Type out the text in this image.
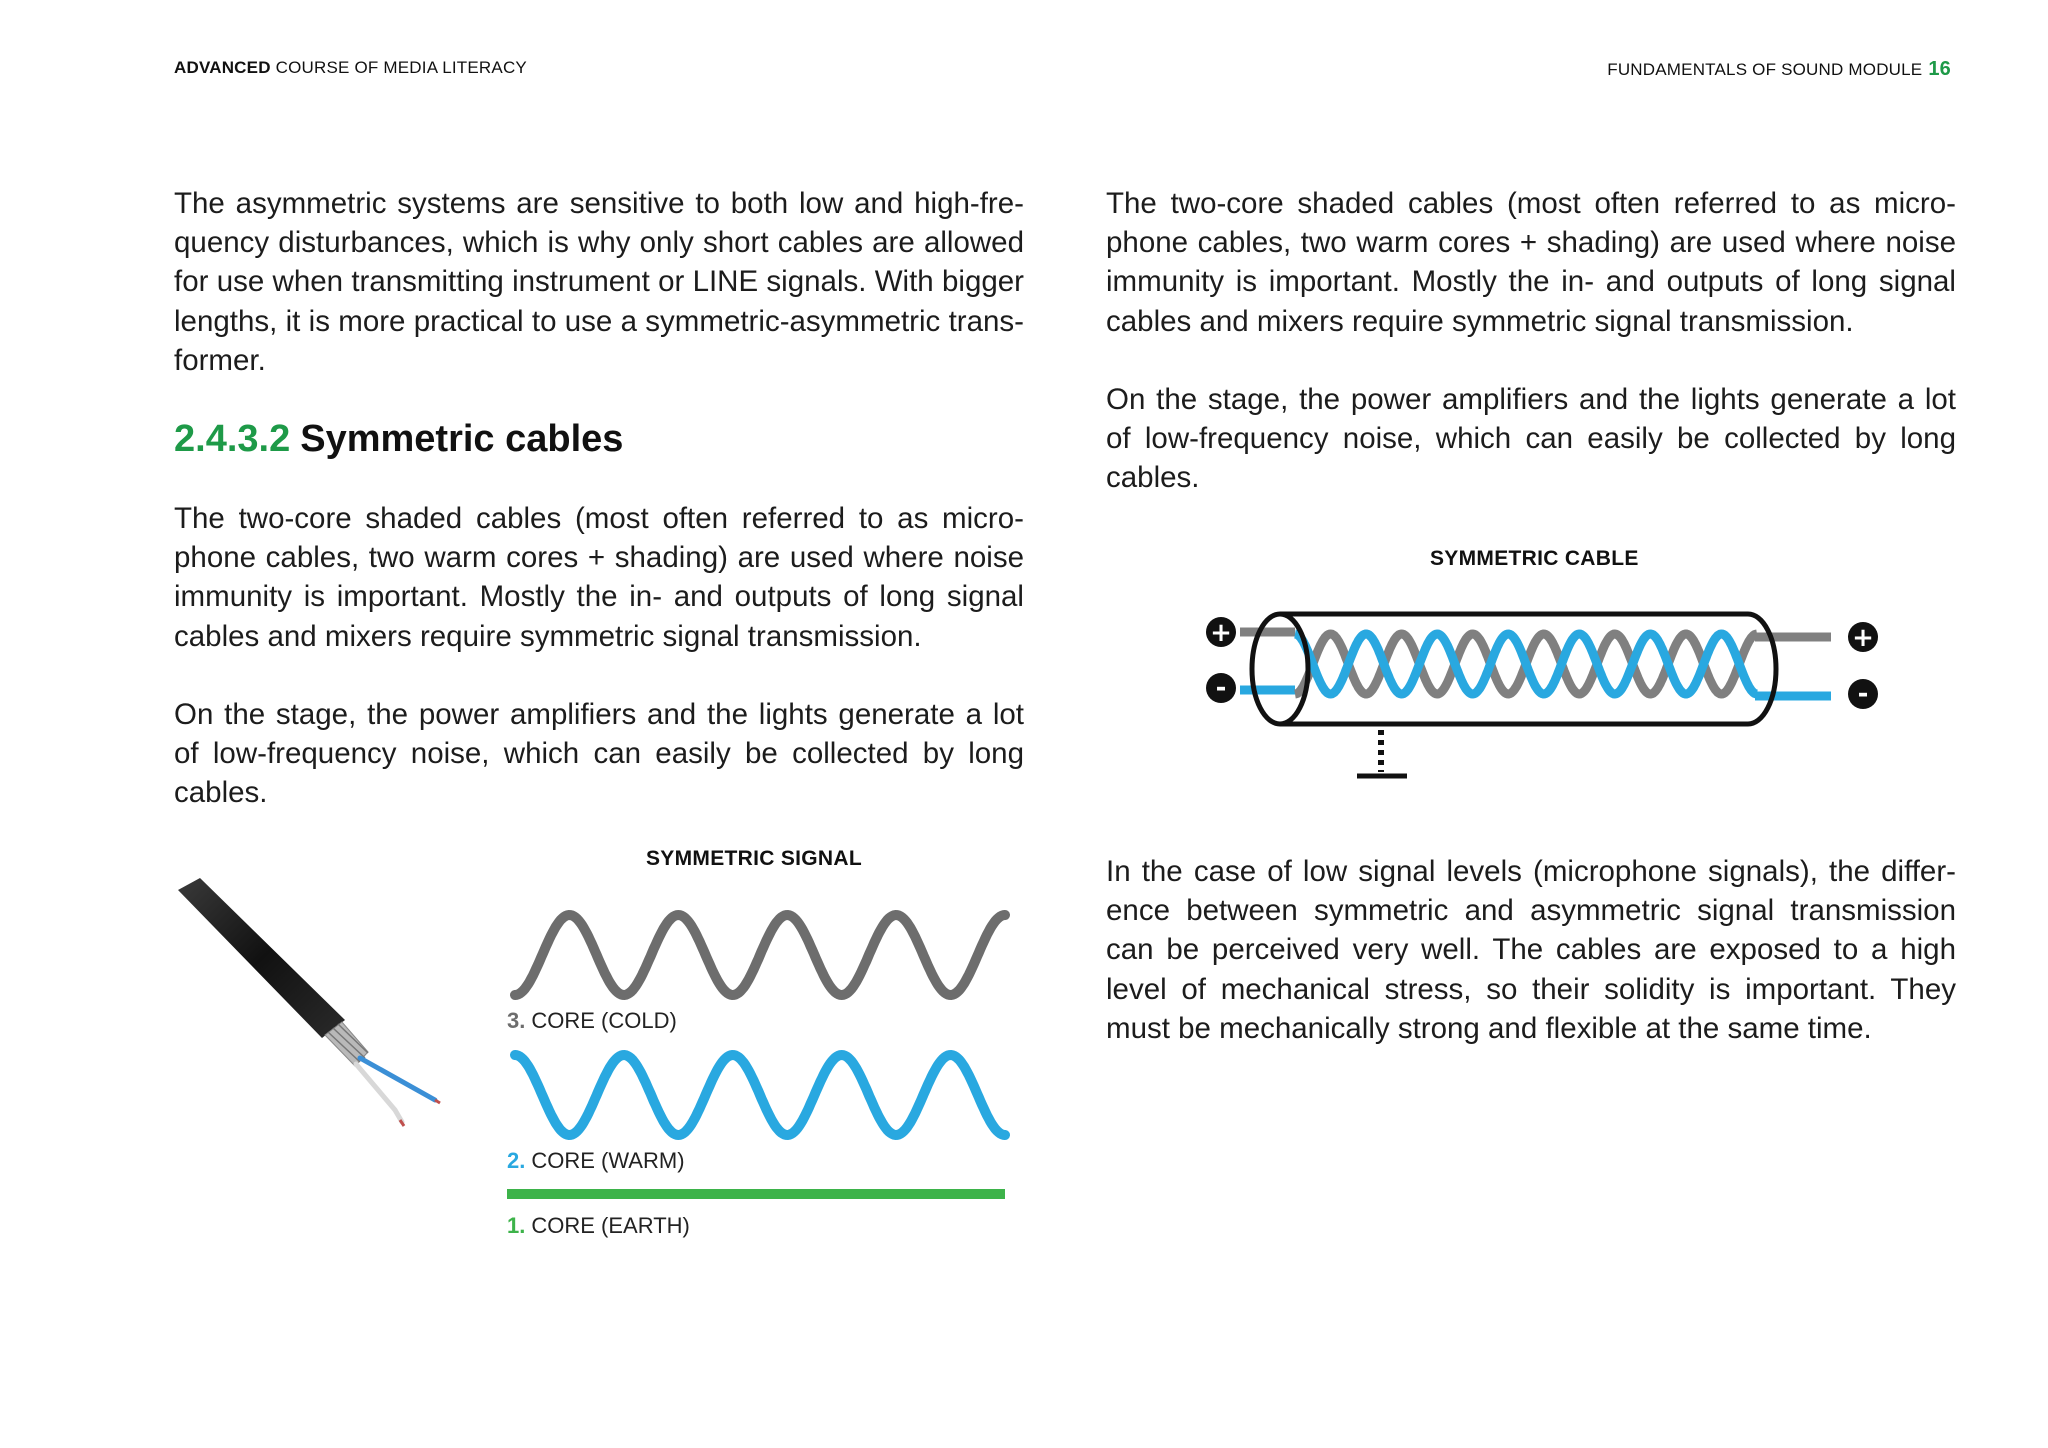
ADVANCED COURSE OF MEDIA LITERACY	FUNDAMENTALS OF SOUND MODULE 16

The asymmetric systems are sensitive to both low and high-fre-quency disturbances, which is why only short cables are allowed for use when transmitting instrument or LINE signals. With bigger lengths, it is more practical to use a symmetric-asymmetric trans-former.

2.4.3.2 Symmetric cables

The two-core shaded cables (most often referred to as micro-phone cables, two warm cores + shading) are used where noise immunity is important. Mostly the in- and outputs of long signal cables and mixers require symmetric signal transmission.

On the stage, the power amplifiers and the lights generate a lot of low-frequency noise, which can easily be collected by long cables.

The two-core shaded cables (most often referred to as micro-phone cables, two warm cores + shading) are used where noise immunity is important. Mostly the in- and outputs of long signal cables and mixers require symmetric signal transmission.

On the stage, the power amplifiers and the lights generate a lot of low-frequency noise, which can easily be collected by long cables.

In the case of low signal levels (microphone signals), the differ-ence between symmetric and asymmetric signal transmission can be perceived very well. The cables are exposed to a high level of mechanical stress, so their solidity is important. They must be mechanically strong and flexible at the same time.

SYMMETRIC SIGNAL
3. CORE (COLD)
2. CORE (WARM)
1. CORE (EARTH)
SYMMETRIC CABLE
+
-
+
-
